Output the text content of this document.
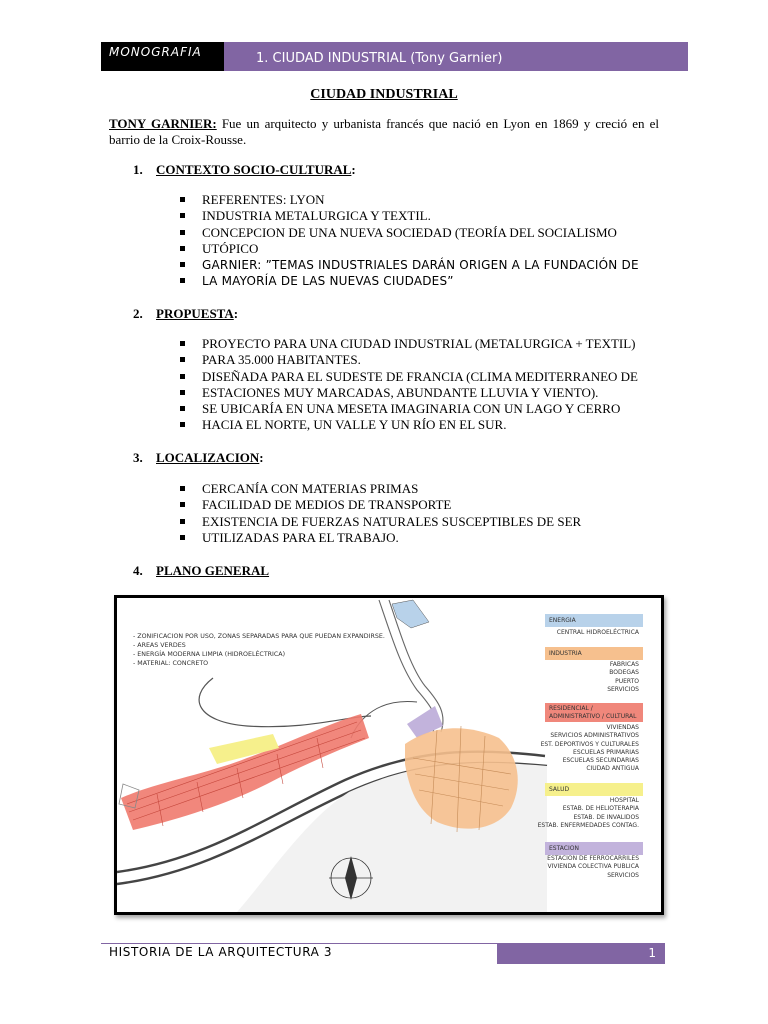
MONOGRAFIA	1. CIUDAD INDUSTRIAL (Tony Garnier)
CIUDAD INDUSTRIAL
TONY GARNIER: Fue un arquitecto y urbanista francés que nació en Lyon en 1869 y creció en el barrio de la Croix-Rousse.
1. CONTEXTO SOCIO-CULTURAL:
REFERENTES: LYON
INDUSTRIA METALURGICA Y TEXTIL.
CONCEPCION DE UNA NUEVA SOCIEDAD (TEORÍA DEL SOCIALISMO
UTÓPICO
GARNIER: ”TEMAS INDUSTRIALES DARÁN ORIGEN A LA FUNDACIÓN DE
LA MAYORÍA DE LAS NUEVAS CIUDADES”
2. PROPUESTA:
PROYECTO PARA UNA CIUDAD INDUSTRIAL (METALURGICA + TEXTIL)
PARA 35.000 HABITANTES.
DISEÑADA PARA EL SUDESTE DE FRANCIA (CLIMA MEDITERRANEO DE
ESTACIONES MUY MARCADAS, ABUNDANTE LLUVIA Y VIENTO).
SE UBICARÍA EN UNA MESETA IMAGINARIA CON UN LAGO Y CERRO
HACIA EL NORTE, UN VALLE Y UN RÍO EN EL SUR.
3. LOCALIZACION:
CERCANÍA CON MATERIAS PRIMAS
FACILIDAD DE MEDIOS DE TRANSPORTE
EXISTENCIA DE FUERZAS NATURALES SUSCEPTIBLES DE SER
UTILIZADAS PARA EL TRABAJO.
4. PLANO GENERAL
- ZONIFICACION POR USO, ZONAS SEPARADAS PARA QUE PUEDAN EXPANDIRSE.
- AREAS VERDES
- ENERGÍA MODERNA LIMPIA (HIDROELÉCTRICA)
- MATERIAL: CONCRETO
ENERGIA
CENTRAL HIDROELÉCTRICA
INDUSTRIA
FABRICAS
BODEGAS
PUERTO
SERVICIOS
RESIDENCIAL / ADMINISTRATIVO / CULTURAL
VIVIENDAS
SERVICIOS ADMINISTRATIVOS
EST. DEPORTIVOS Y CULTURALES
ESCUELAS PRIMARIAS
ESCUELAS SECUNDARIAS
CIUDAD ANTIGUA
SALUD
HOSPITAL
ESTAB. DE HELIOTERAPIA
ESTAB. DE INVALIDOS
ESTAB. ENFERMEDADES CONTAG.
ESTACION
ESTACION DE FERROCARRILES
VIVIENDA COLECTIVA PUBLICA
SERVICIOS
HISTORIA DE LA ARQUITECTURA 3	1
